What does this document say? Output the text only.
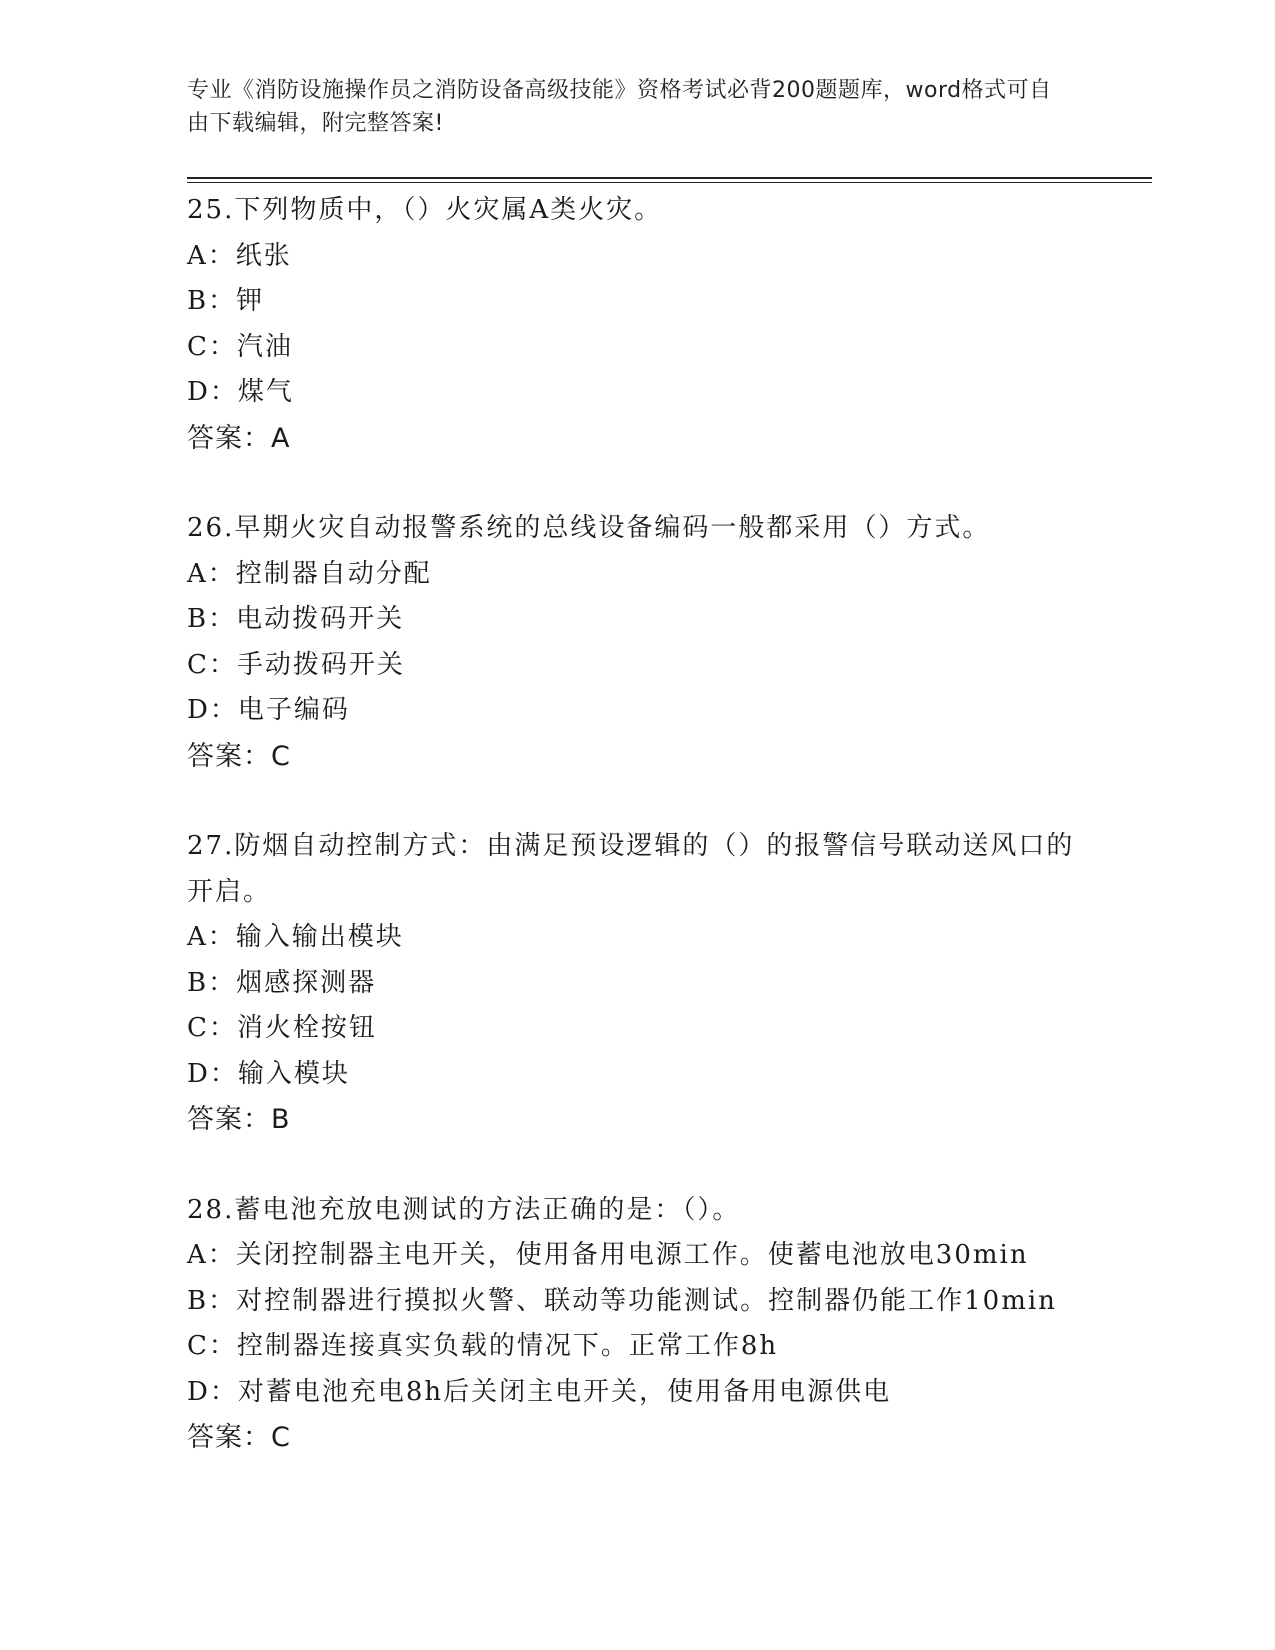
专业《消防设施操作员之消防设备高级技能》资格考试必背200题题库，word格式可自由下载编辑，附完整答案!
25.下列物质中，（）火灾属A类火灾。
A：纸张
B：钾
C：汽油
D：煤气
答案：A
26.早期火灾自动报警系统的总线设备编码一般都采用（）方式。
A：控制器自动分配
B：电动拨码开关
C：手动拨码开关
D：电子编码
答案：C
27.防烟自动控制方式：由满足预设逻辑的（）的报警信号联动送风口的开启。
A：输入输出模块
B：烟感探测器
C：消火栓按钮
D：输入模块
答案：B
28.蓄电池充放电测试的方法正确的是：（）。
A：关闭控制器主电开关，使用备用电源工作。使蓄电池放电30min
B：对控制器进行摸拟火警、联动等功能测试。控制器仍能工作10min
C：控制器连接真实负载的情况下。正常工作8h
D：对蓄电池充电8h后关闭主电开关，使用备用电源供电
答案：C
